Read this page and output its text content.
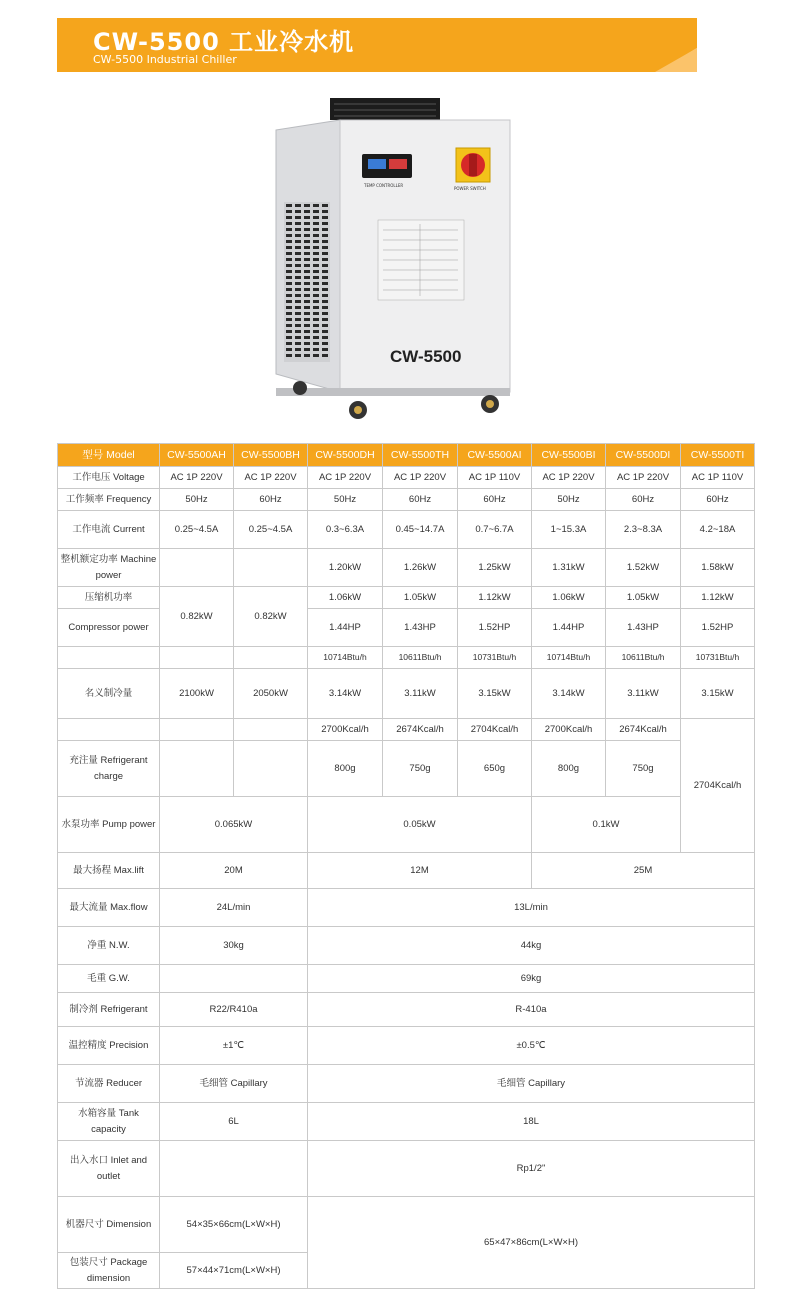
CW-5500 工业冷水机
CW-5500 Industrial Chiller
TEMP CONTROLLER
POWER SWITCH
CW-5500
型号 Model	CW-5500AH	CW-5500BH	CW-5500DH	CW-5500TH	CW-5500AI	CW-5500BI	CW-5500DI	CW-5500TI
工作电压 Voltage	AC 1P 220V	AC 1P 220V	AC 1P 220V	AC 1P 220V	AC 1P 110V	AC 1P 220V	AC 1P 220V	AC 1P 110V
工作频率 Frequency	50Hz	60Hz	50Hz	60Hz	60Hz	50Hz	60Hz	60Hz
工作电流 Current	0.25~4.5A	0.25~4.5A	0.3~6.3A	0.45~14.7A	0.7~6.7A	1~15.3A	2.3~8.3A	4.2~18A
整机额定功率 Machine power			1.20kW	1.26kW	1.25kW	1.31kW	1.52kW	1.58kW
压缩机功率	0.82kW	0.82kW	1.06kW	1.05kW	1.12kW	1.06kW	1.05kW	1.12kW
Compressor power			1.44HP	1.43HP	1.52HP	1.44HP	1.43HP	1.52HP
			10714Btu/h	10611Btu/h	10731Btu/h	10714Btu/h	10611Btu/h	10731Btu/h
名义制冷量	2100kW	2050kW	3.14kW	3.11kW	3.15kW	3.14kW	3.11kW	3.15kW
			2700Kcal/h	2674Kcal/h	2704Kcal/h	2700Kcal/h	2674Kcal/h	2704Kcal/h
充注量 Refrigerant charge			800g	750g	650g	800g	750g	
水泵功率 Pump power	0.065kW		0.05kW			0.1kW		
最大扬程 Max.lift	20M		12M			25M		
最大流量 Max.flow	24L/min		13L/min					
净重 N.W.	30kg		44kg					
毛重 G.W.			69kg					
制冷剂 Refrigerant	R22/R410a		R-410a					
温控精度 Precision	±1℃		±0.5℃					
节流器 Reducer	毛细管 Capillary		毛细管 Capillary					
水箱容量 Tank capacity	6L		18L					
出入水口 Inlet and outlet			Rp1/2"					
机器尺寸 Dimension	54×35×66cm(L×W×H)		65×47×86cm(L×W×H)					
包装尺寸 Package dimension	57×44×71cm(L×W×H)							
